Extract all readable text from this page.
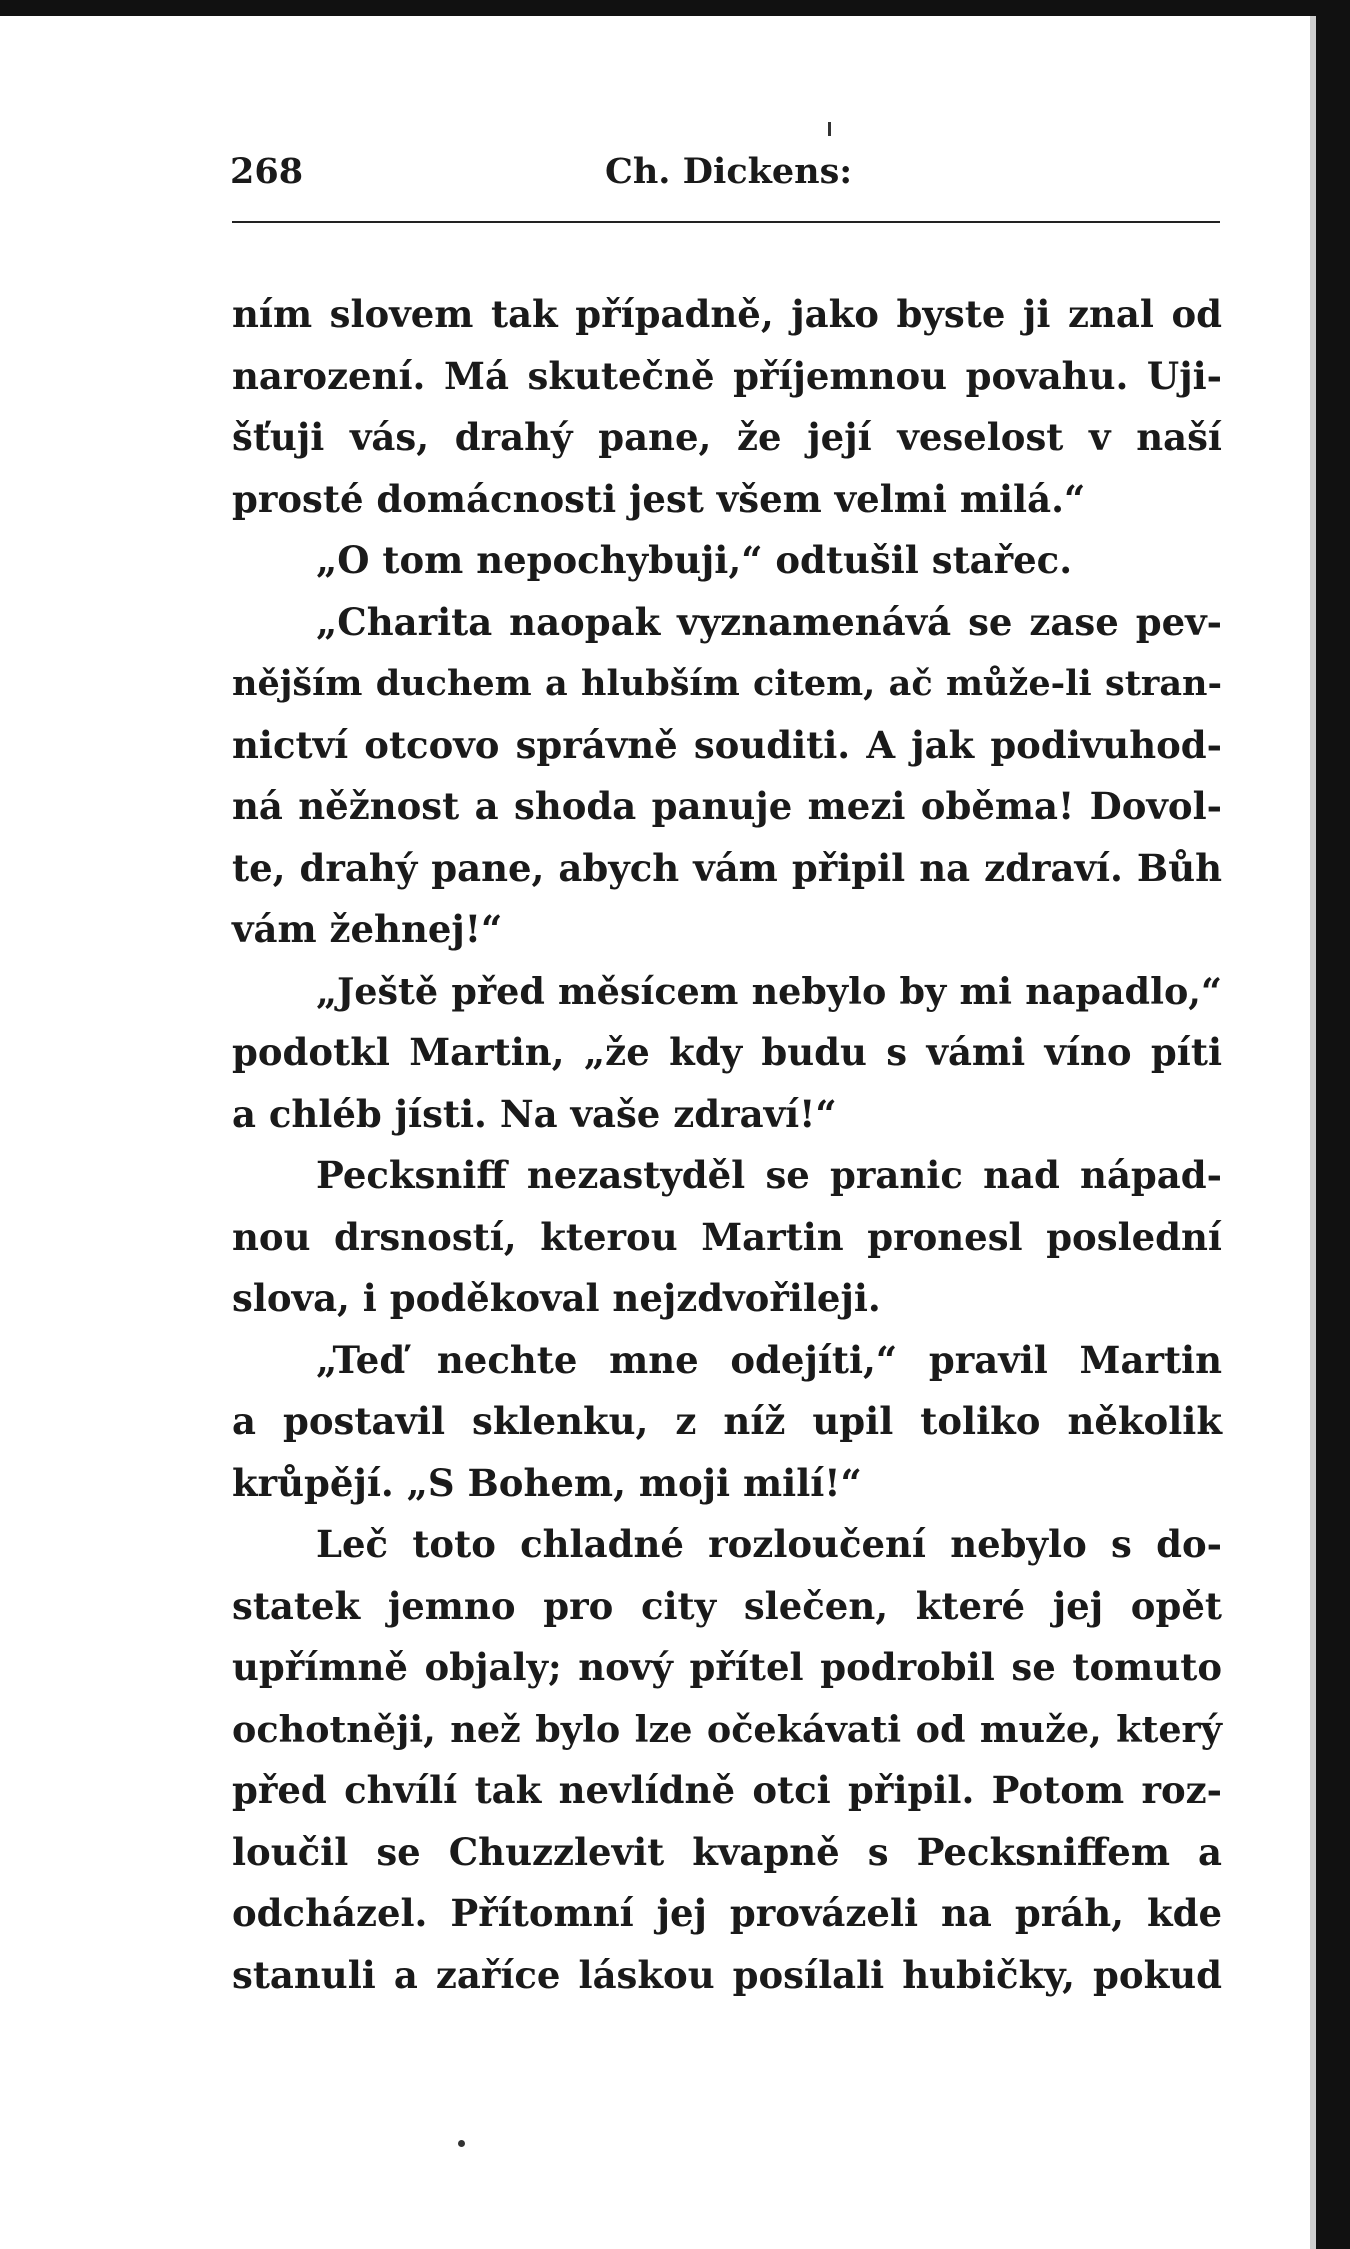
268	Ch. Dickens:
ním slovem tak případně, jako byste ji znal od
narození. Má skutečně příjemnou povahu. Uji-
šťuji vás, drahý pane, že její veselost v naší
prosté domácnosti jest všem velmi milá.“
„O tom nepochybuji,“ odtušil stařec.
„Charita naopak vyznamenává se zase pev-
nějším duchem a hlubším citem, ač může-li stran-
nictví otcovo správně souditi. A jak podivuhod-
ná něžnost a shoda panuje mezi oběma! Dovol-
te, drahý pane, abych vám připil na zdraví. Bůh
vám žehnej!“
„Ještě před měsícem nebylo by mi napadlo,“
podotkl Martin, „že kdy budu s vámi víno píti
a chléb jísti. Na vaše zdraví!“
Pecksniff nezastyděl se pranic nad nápad-
nou drsností, kterou Martin pronesl poslední
slova, i poděkoval nejzdvořileji.
„Teď nechte mne odejíti,“ pravil Martin
a postavil sklenku, z níž upil toliko několik
krůpějí. „S Bohem, moji milí!“
Leč toto chladné rozloučení nebylo s do-
statek jemno pro city slečen, které jej opět
upřímně objaly; nový přítel podrobil se tomuto
ochotněji, než bylo lze očekávati od muže, který
před chvílí tak nevlídně otci připil. Potom roz-
loučil se Chuzzlevit kvapně s Pecksniffem a
odcházel. Přítomní jej provázeli na práh, kde
stanuli a zaříce láskou posílali hubičky, pokud
